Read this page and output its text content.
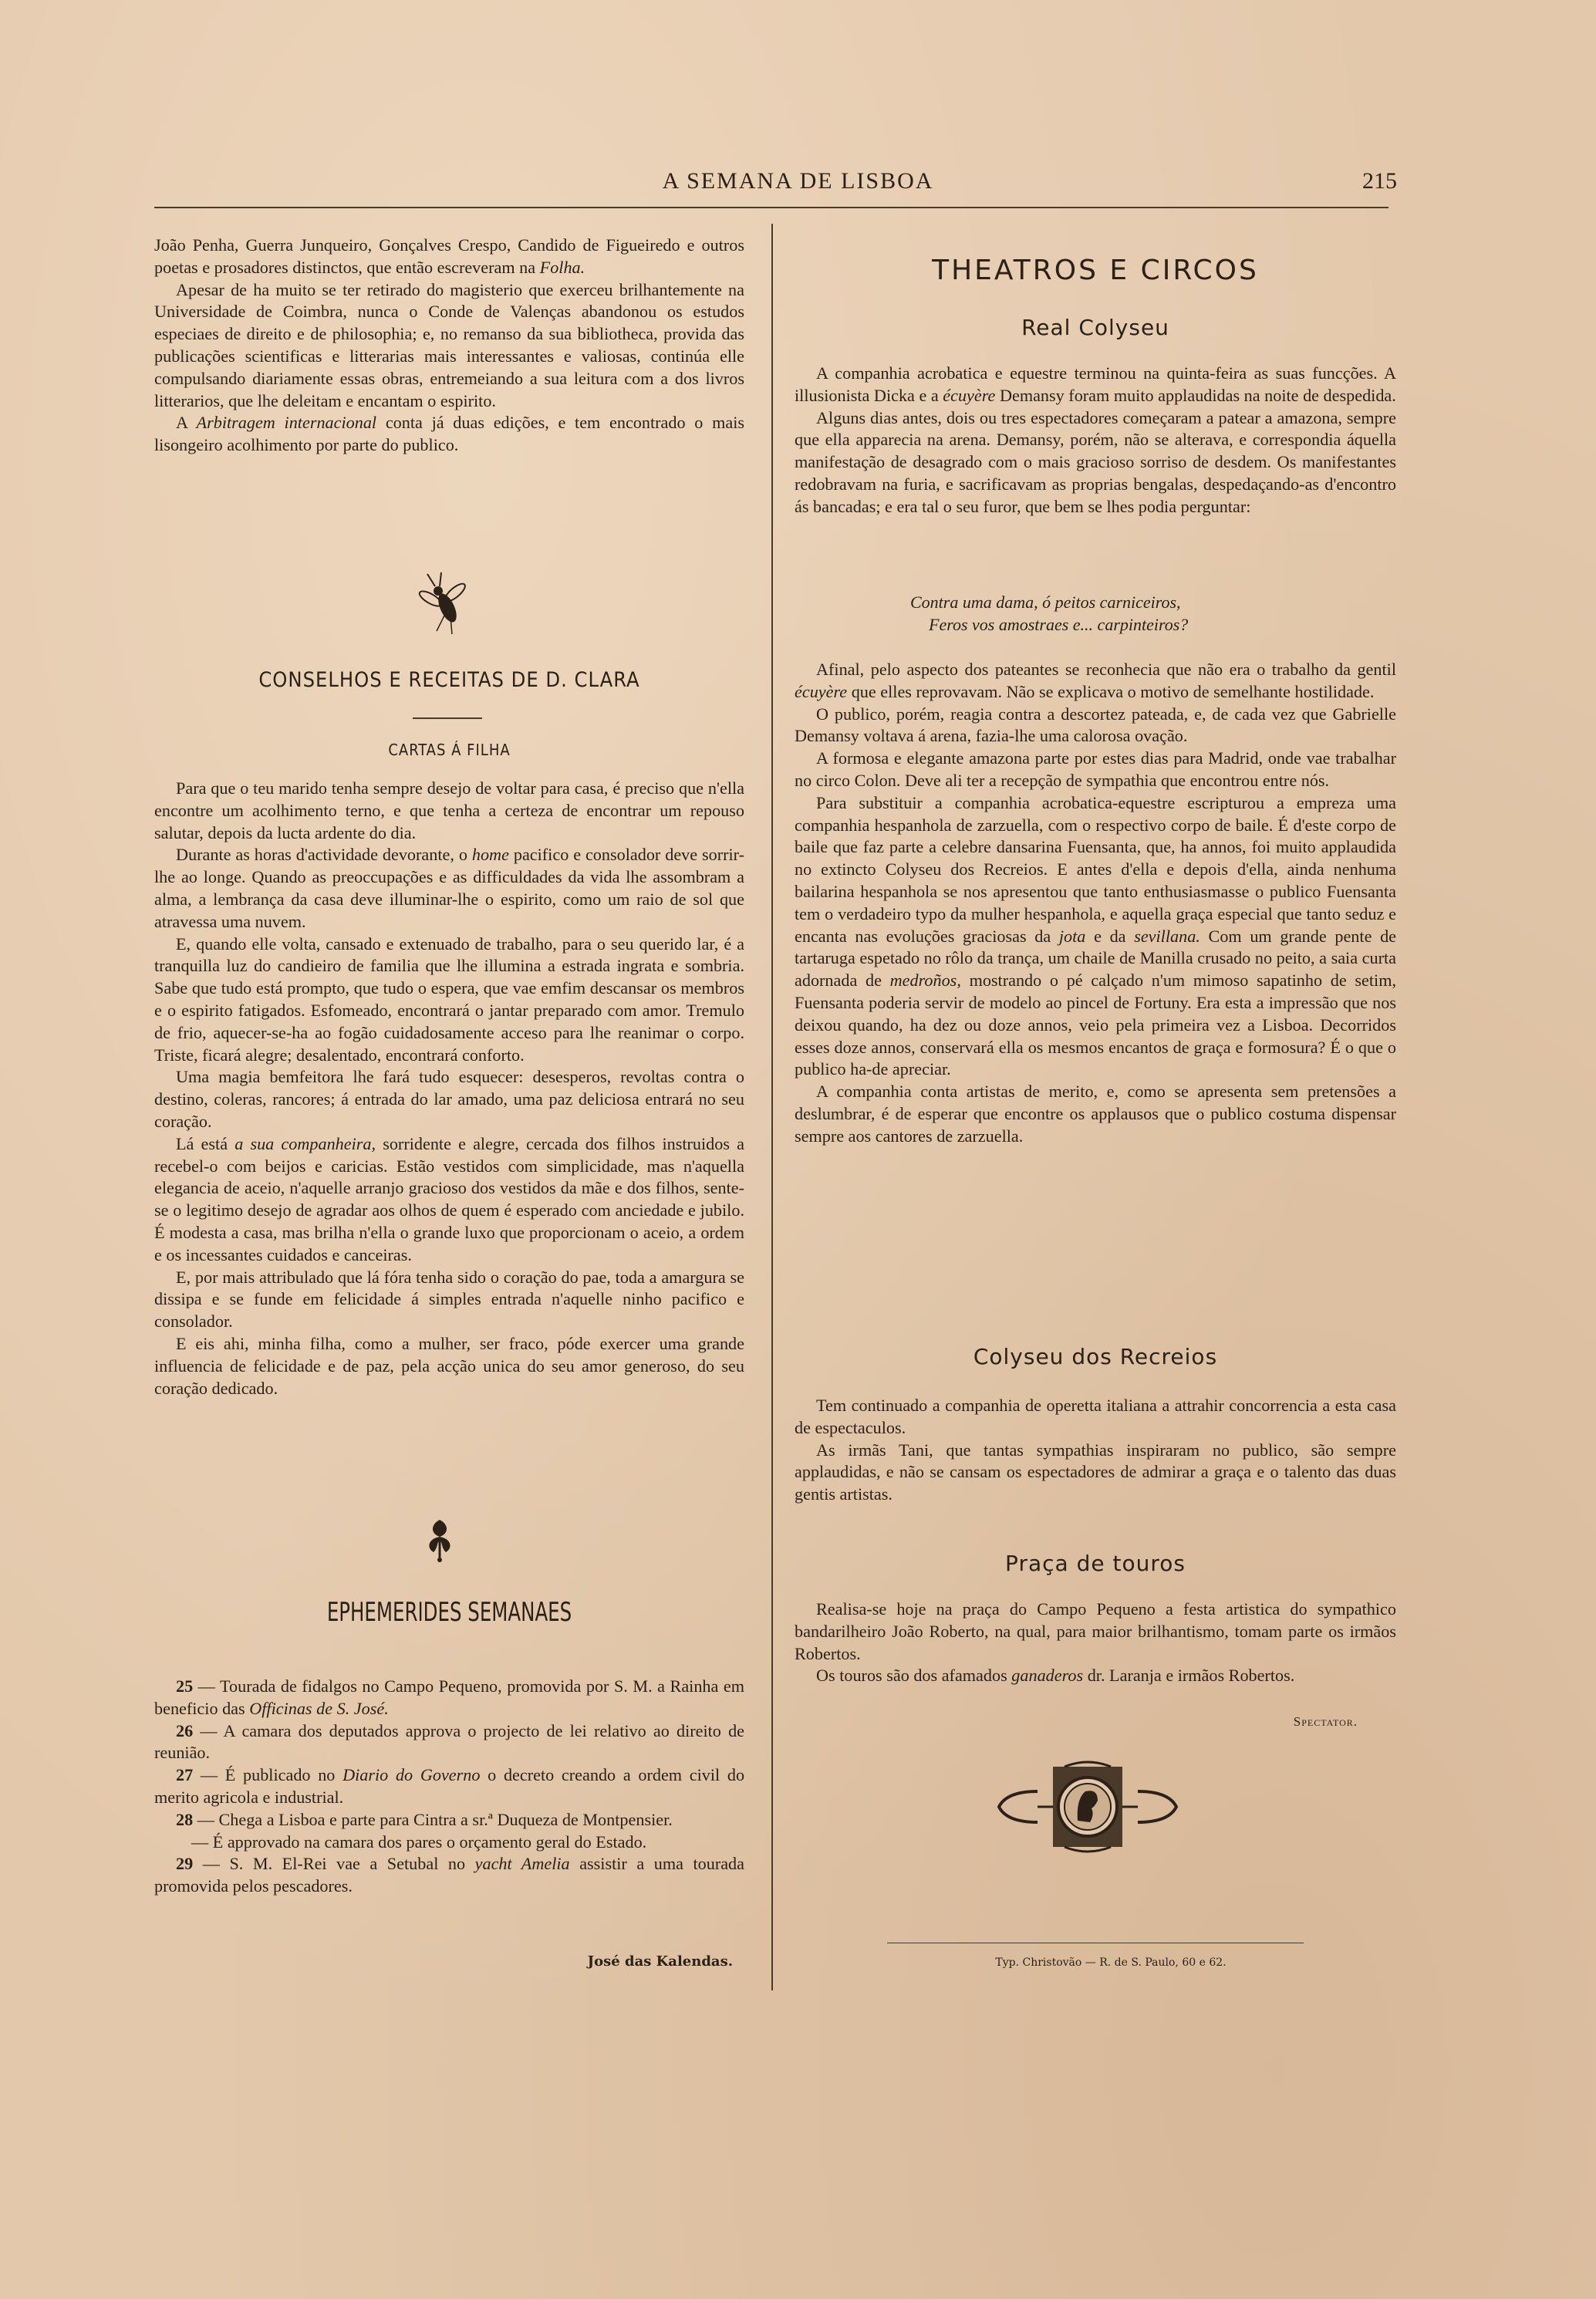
A SEMANA DE LISBOA	215

João Penha, Guerra Junqueiro, Gonçalves Crespo, Candido de Figueiredo e outros poetas e prosadores distinctos, que então escreveram na Folha.

Apesar de ha muito se ter retirado do magisterio que exerceu brilhantemente na Universidade de Coimbra, nunca o Conde de Valenças abandonou os estudos especiaes de direito e de philosophia; e, no remanso da sua bibliotheca, provida das publicações scientificas e litterarias mais interessantes e valiosas, continúa elle compulsando diariamente essas obras, entremeiando a sua leitura com a dos livros litterarios, que lhe deleitam e encantam o espirito.

A Arbitragem internacional conta já duas edições, e tem encontrado o mais lisongeiro acolhimento por parte do publico.

CONSELHOS E RECEITAS DE D. CLARA
CARTAS Á FILHA

Para que o teu marido tenha sempre desejo de voltar para casa, é preciso que n'ella encontre um acolhimento terno, e que tenha a certeza de encontrar um repouso salutar, depois da lucta ardente do dia.

Durante as horas d'actividade devorante, o home pacifico e consolador deve sorrir-lhe ao longe. Quando as preoccupações e as difficuldades da vida lhe assombram a alma, a lembrança da casa deve illuminar-lhe o espirito, como um raio de sol que atravessa uma nuvem.

E, quando elle volta, cansado e extenuado de trabalho, para o seu querido lar, é a tranquilla luz do candieiro de familia que lhe illumina a estrada ingrata e sombria. Sabe que tudo está prompto, que tudo o espera, que vae emfim descansar os membros e o espirito fatigados. Esfomeado, encontrará o jantar preparado com amor. Tremulo de frio, aquecer-se-ha ao fogão cuidadosamente acceso para lhe reanimar o corpo. Triste, ficará alegre; desalentado, encontrará conforto.

Uma magia bemfeitora lhe fará tudo esquecer: desesperos, revoltas contra o destino, coleras, rancores; á entrada do lar amado, uma paz deliciosa entrará no seu coração.

Lá está a sua companheira, sorridente e alegre, cercada dos filhos instruidos a recebel-o com beijos e caricias. Estão vestidos com simplicidade, mas n'aquella elegancia de aceio, n'aquelle arranjo gracioso dos vestidos da mãe e dos filhos, sente-se o legitimo desejo de agradar aos olhos de quem é esperado com anciedade e jubilo. É modesta a casa, mas brilha n'ella o grande luxo que proporcionam o aceio, a ordem e os incessantes cuidados e canceiras.

E, por mais attribulado que lá fóra tenha sido o coração do pae, toda a amargura se dissipa e se funde em felicidade á simples entrada n'aquelle ninho pacifico e consolador.

E eis ahi, minha filha, como a mulher, ser fraco, póde exercer uma grande influencia de felicidade e de paz, pela acção unica do seu amor generoso, do seu coração dedicado.

EPHEMERIDES SEMANAES

25 — Tourada de fidalgos no Campo Pequeno, promovida por S. M. a Rainha em beneficio das Officinas de S. José.

26 — A camara dos deputados approva o projecto de lei relativo ao direito de reunião.

27 — É publicado no Diario do Governo o decreto creando a ordem civil do merito agricola e industrial.

28 — Chega a Lisboa e parte para Cintra a sr.ª Duqueza de Montpensier.

— É approvado na camara dos pares o orçamento geral do Estado.

29 — S. M. El-Rei vae a Setubal no yacht Amelia assistir a uma tourada promovida pelos pescadores.

José das Kalendas.
THEATROS E CIRCOS
Real Colyseu

A companhia acrobatica e equestre terminou na quinta-feira as suas funcções. A illusionista Dicka e a écuyère Demansy foram muito applaudidas na noite de despedida.

Alguns dias antes, dois ou tres espectadores começaram a patear a amazona, sempre que ella apparecia na arena. Demansy, porém, não se alterava, e correspondia áquella manifestação de desagrado com o mais gracioso sorriso de desdem. Os manifestantes redobravam na furia, e sacrificavam as proprias bengalas, despedaçando-as d'encontro ás bancadas; e era tal o seu furor, que bem se lhes podia perguntar:

Contra uma dama, ó peitos carniceiros,
Feros vos amostraes e... carpinteiros?

Afinal, pelo aspecto dos pateantes se reconhecia que não era o trabalho da gentil écuyère que elles reprovavam. Não se explicava o motivo de semelhante hostilidade.

O publico, porém, reagia contra a descortez pateada, e, de cada vez que Gabrielle Demansy voltava á arena, fazia-lhe uma calorosa ovação.

A formosa e elegante amazona parte por estes dias para Madrid, onde vae trabalhar no circo Colon. Deve ali ter a recepção de sympathia que encontrou entre nós.

Para substituir a companhia acrobatica-equestre escripturou a empreza uma companhia hespanhola de zarzuella, com o respectivo corpo de baile. É d'este corpo de baile que faz parte a celebre dansarina Fuensanta, que, ha annos, foi muito applaudida no extincto Colyseu dos Recreios. E antes d'ella e depois d'ella, ainda nenhuma bailarina hespanhola se nos apresentou que tanto enthusiasmasse o publico Fuensanta tem o verdadeiro typo da mulher hespanhola, e aquella graça especial que tanto seduz e encanta nas evoluções graciosas da jota e da sevillana. Com um grande pente de tartaruga espetado no rôlo da trança, um chaile de Manilla crusado no peito, a saia curta adornada de medroños, mostrando o pé calçado n'um mimoso sapatinho de setim, Fuensanta poderia servir de modelo ao pincel de Fortuny. Era esta a impressão que nos deixou quando, ha dez ou doze annos, veio pela primeira vez a Lisboa. Decorridos esses doze annos, conservará ella os mesmos encantos de graça e formosura? É o que o publico ha-de apreciar.

A companhia conta artistas de merito, e, como se apresenta sem pretensões a deslumbrar, é de esperar que encontre os applausos que o publico costuma dispensar sempre aos cantores de zarzuella.

Colyseu dos Recreios

Tem continuado a companhia de operetta italiana a attrahir concorrencia a esta casa de espectaculos.

As irmãs Tani, que tantas sympathias inspiraram no publico, são sempre applaudidas, e não se cansam os espectadores de admirar a graça e o talento das duas gentis artistas.

Praça de touros

Realisa-se hoje na praça do Campo Pequeno a festa artistica do sympathico bandarilheiro João Roberto, na qual, para maior brilhantismo, tomam parte os irmãos Robertos.

Os touros são dos afamados ganaderos dr. Laranja e irmãos Robertos.

Spectator.
Typ. Christovão — R. de S. Paulo, 60 e 62.
